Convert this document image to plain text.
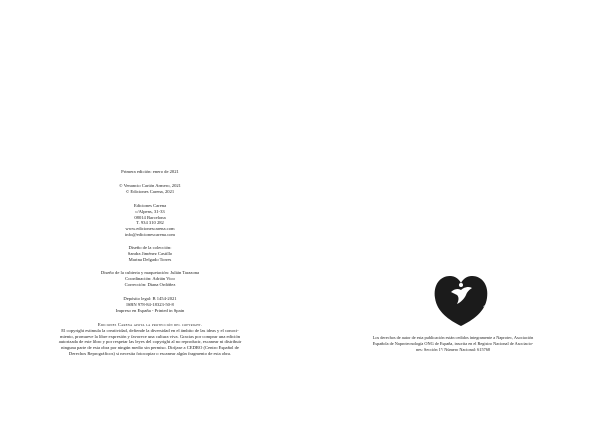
Primera edición: enero de 2021
© Venancio Cartón Armero, 2021
© Ediciones Carena, 2021
Ediciones Carena
c/Alpens, 31-33
08014 Barcelona
T. 934 310 282
www.edicionescarena.com
info@edicionescarena.com
Diseño de la colección:
Sandra Jiménez Castillo
Marina Delgado Torres
Diseño de la cubierta y maquetación: Julián Tarazona
Coordinación: Adrián Vico
Corrección: Diana Ordóñez
Depósito legal: B 1454-2021
ISBN 978-84-18323-50-8
Impreso en España - Printed in Spain
Ediciones Carena apoya la protección del copyright.
El copyright estimula la creatividad, defiende la diversidad en el ámbito de las ideas y el conoci-
miento, promueve la libre expresión y favorece una cultura viva. Gracias por comprar una edición
autorizada de este libro y por respetar las leyes del copyright al no reproducir, escanear ni distribuir
ninguna parte de esta obra por ningún medio sin permiso. Diríjase a CEDRO (Centro Español de
Derechos Reprográficos) si necesita fotocopiar o escanear algún fragmento de esta obra.
NAPROTEC
Los derechos de autor de esta publicación están cedidos íntegramente a Naprotec, Asociación
Española de Naprotecnología ONG de España, inscrita en el Registro Nacional de Asociacio-
nes: Sección 1ª/ Número Nacional: 615768
